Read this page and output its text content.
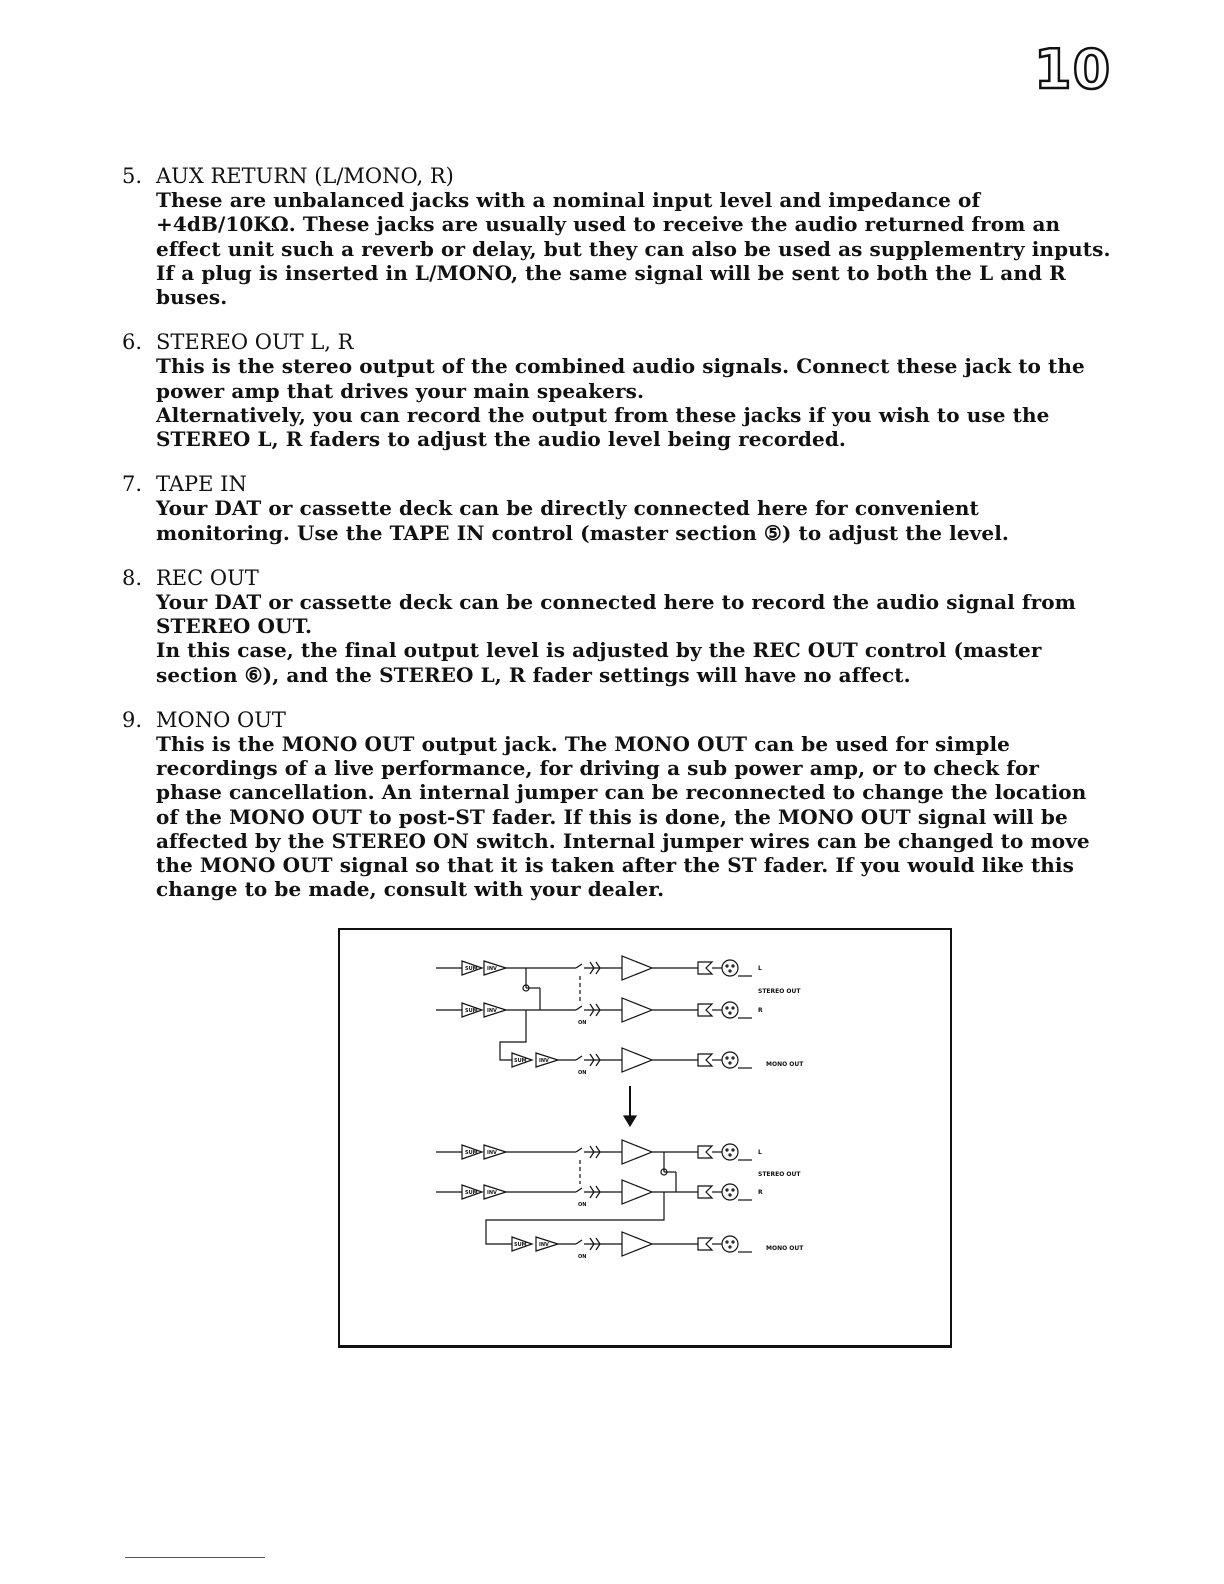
10
5. AUX RETURN (L/MONO, R)

These are unbalanced jacks with a nominal input level and impedance of +4dB/10KΩ. These jacks are usually used to receive the audio returned from an effect unit such a reverb or delay, but they can also be used as supplementry inputs.

If a plug is inserted in L/MONO, the same signal will be sent to both the L and R buses.

6. STEREO OUT L, R

This is the stereo output of the combined audio signals. Connect these jack to the power amp that drives your main speakers.

Alternatively, you can record the output from these jacks if you wish to use the STEREO L, R faders to adjust the audio level being recorded.

7. TAPE IN

Your DAT or cassette deck can be directly connected here for convenient monitoring. Use the TAPE IN control (master section ⑤) to adjust the level.

8. REC OUT

Your DAT or cassette deck can be connected here to record the audio signal from STEREO OUT.

In this case, the final output level is adjusted by the REC OUT control (master section ⑥), and the STEREO L, R fader settings will have no affect.

9. MONO OUT

This is the MONO OUT output jack. The MONO OUT can be used for simple recordings of a live performance, for driving a sub power amp, or to check for phase cancellation. An internal jumper can be reconnected to change the location of the MONO OUT to post-ST fader. If this is done, the MONO OUT signal will be affected by the STEREO ON switch. Internal jumper wires can be changed to move the MONO OUT signal so that it is taken after the ST fader. If you would like this change to be made, consult with your dealer.

SUM INV
SUM INV
SUM INV
ON
ON
SUM INV
SUM INV
SUM INV
ON
ON
L
STEREO OUT
R
MONO OUT
L
STEREO OUT
R
MONO OUT
